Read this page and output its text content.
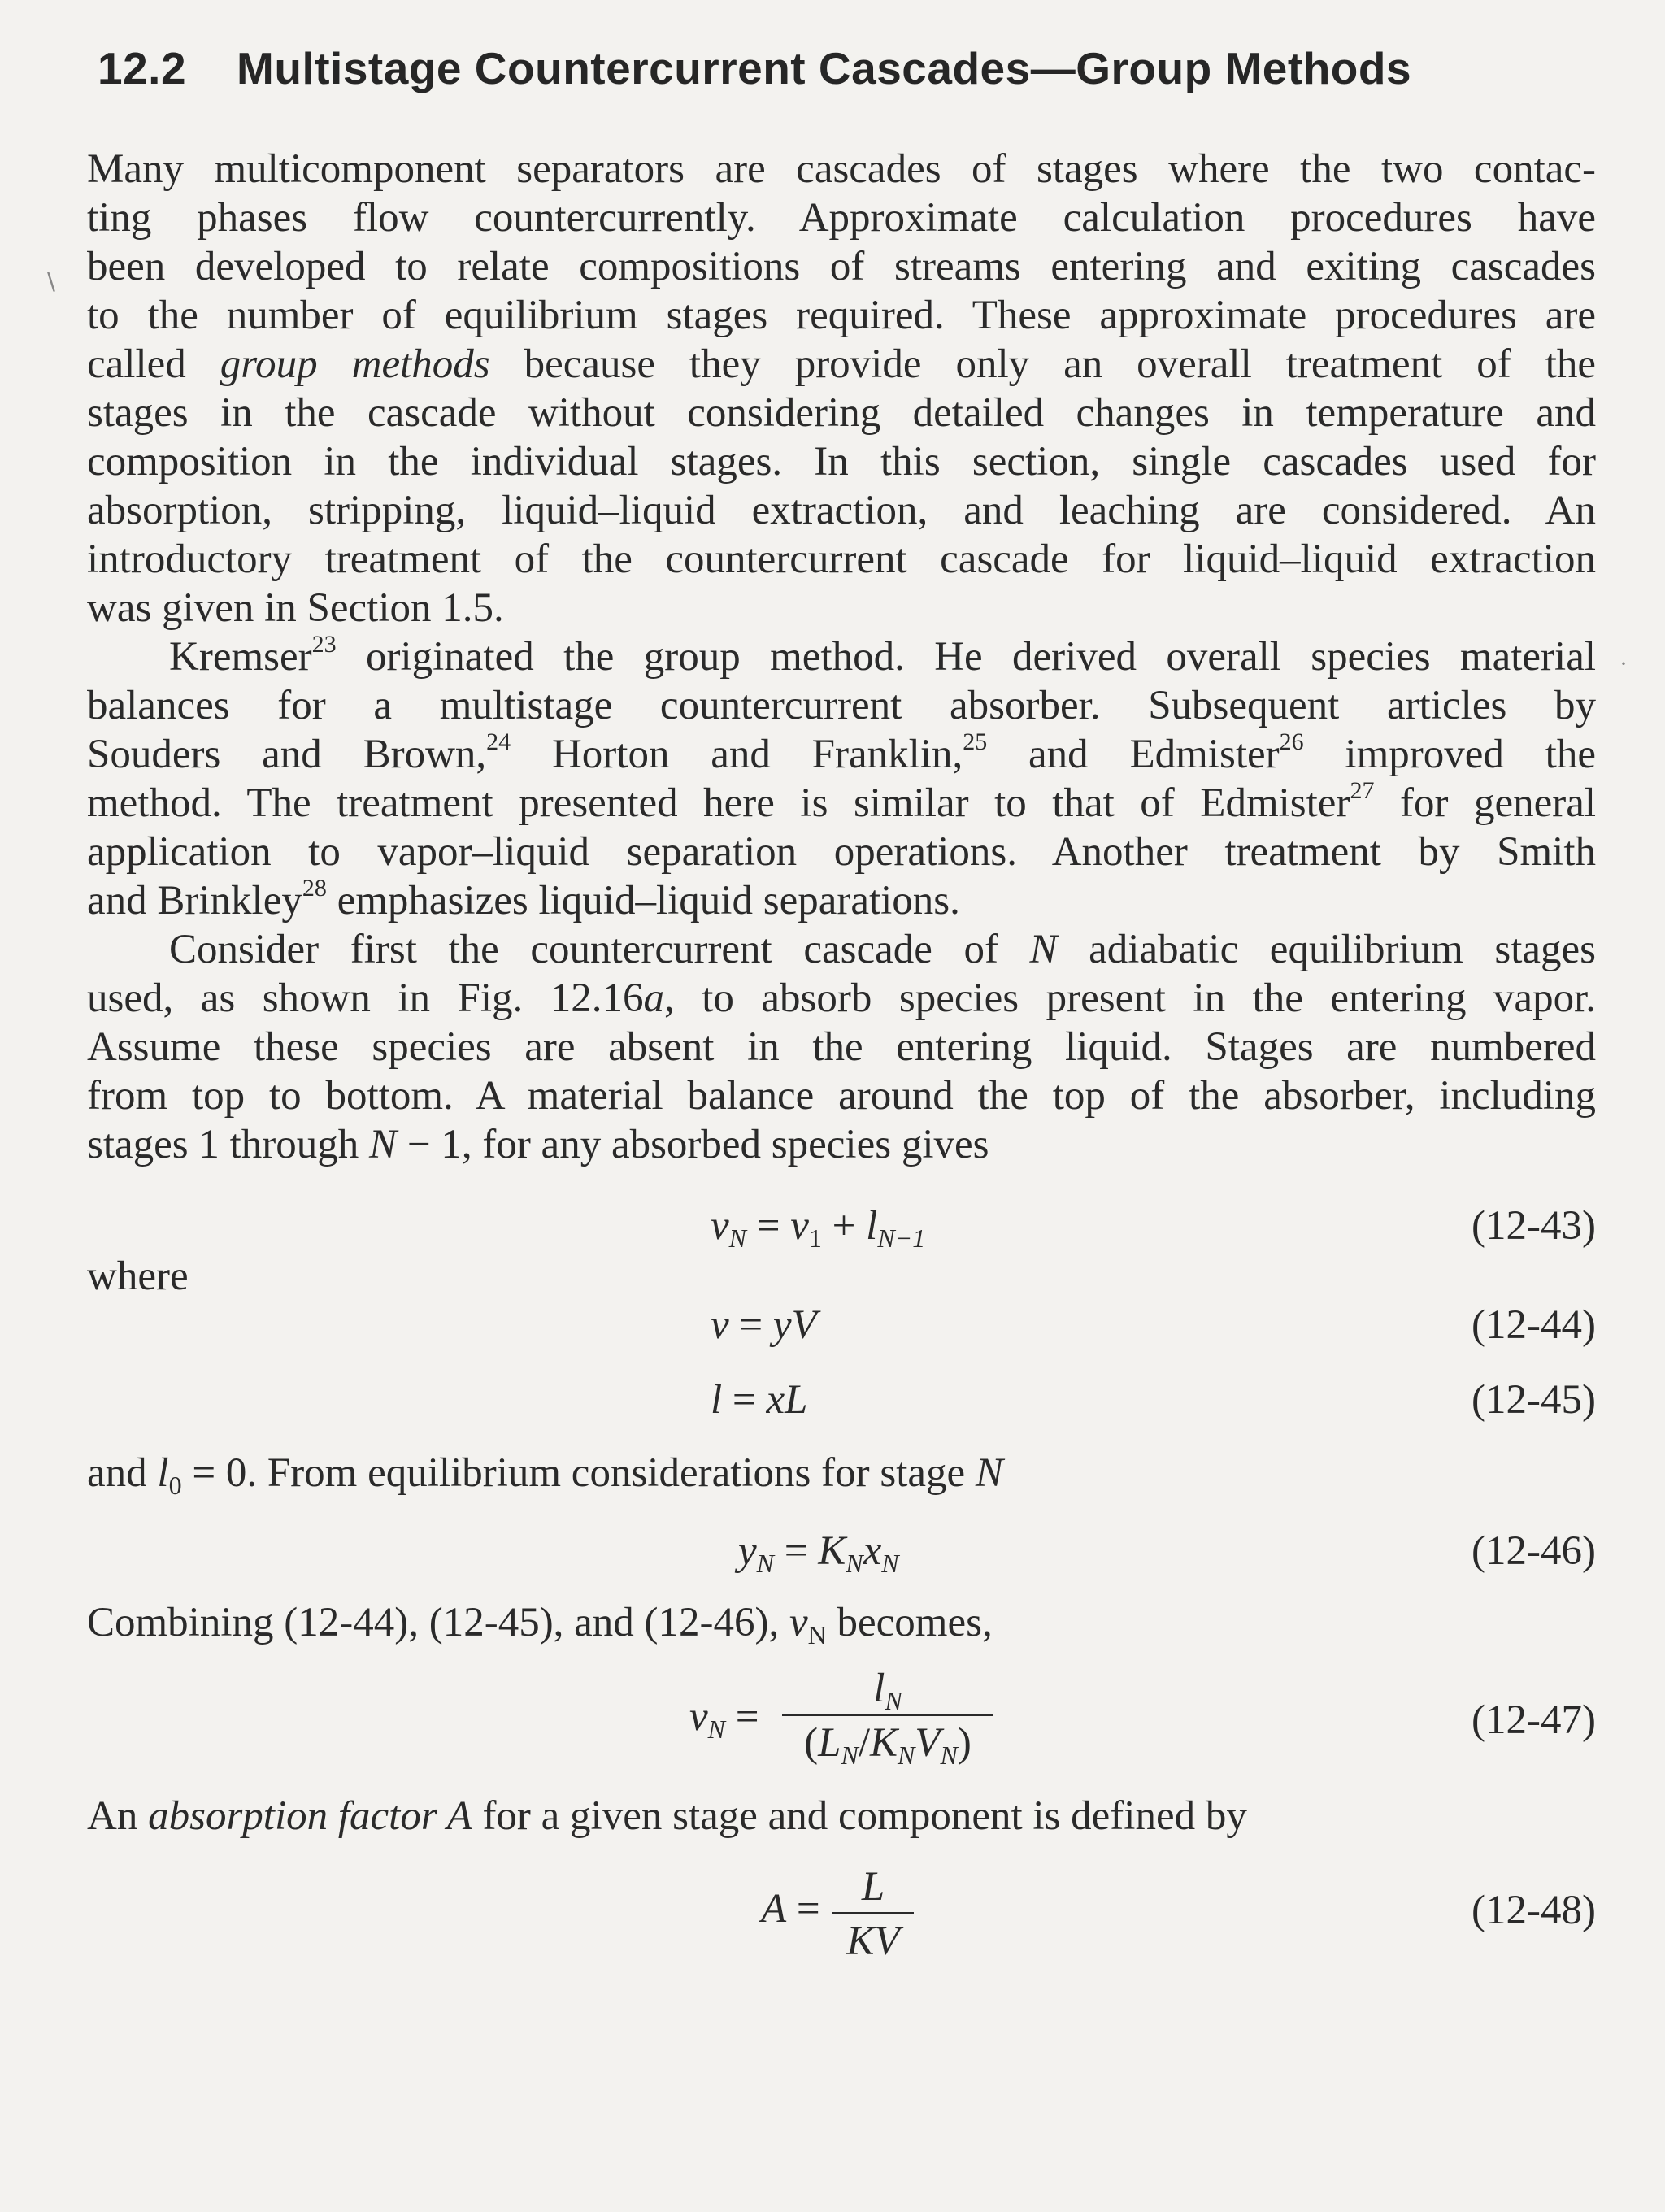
12.2 Multistage Countercurrent Cascades—Group Methods
Many multicomponent separators are cascades of stages where the two contac-
ting phases flow countercurrently. Approximate calculation procedures have
been developed to relate compositions of streams entering and exiting cascades
to the number of equilibrium stages required. These approximate procedures are
called group methods because they provide only an overall treatment of the
stages in the cascade without considering detailed changes in temperature and
composition in the individual stages. In this section, single cascades used for
absorption, stripping, liquid–liquid extraction, and leaching are considered. An
introductory treatment of the countercurrent cascade for liquid–liquid extraction
was given in Section 1.5.
Kremser$^{23}$ originated the group method. He derived overall species material
balances for a multistage countercurrent absorber. Subsequent articles by
Souders and Brown,$^{24}$ Horton and Franklin,$^{25}$ and Edmister$^{26}$ improved the
method. The treatment presented here is similar to that of Edmister$^{27}$ for general
application to vapor–liquid separation operations. Another treatment by Smith
and Brinkley$^{28}$ emphasizes liquid–liquid separations.
Consider first the countercurrent cascade of N adiabatic equilibrium stages
used, as shown in Fig. 12.16a, to absorb species present in the entering vapor.
Assume these species are absent in the entering liquid. Stages are numbered
from top to bottom. A material balance around the top of the absorber, including
stages 1 through N − 1, for any absorbed species gives
$v_N = v_1 + l_{N-1}$	(12-43)
where
v = yV	(12-44)
l = xL	(12-45)
and $l_0 = 0$. From equilibrium considerations for stage N
$y_N = K_Nx_N$	(12-46)
Combining (12-44), (12-45), and (12-46), $v_N$ becomes,
$v_N$ =
$l_N$
$(L_N/K_NV_N)$	(12-47)
An absorption factor A for a given stage and component is defined by
A =	L
KV
(12-48)
∖
·
